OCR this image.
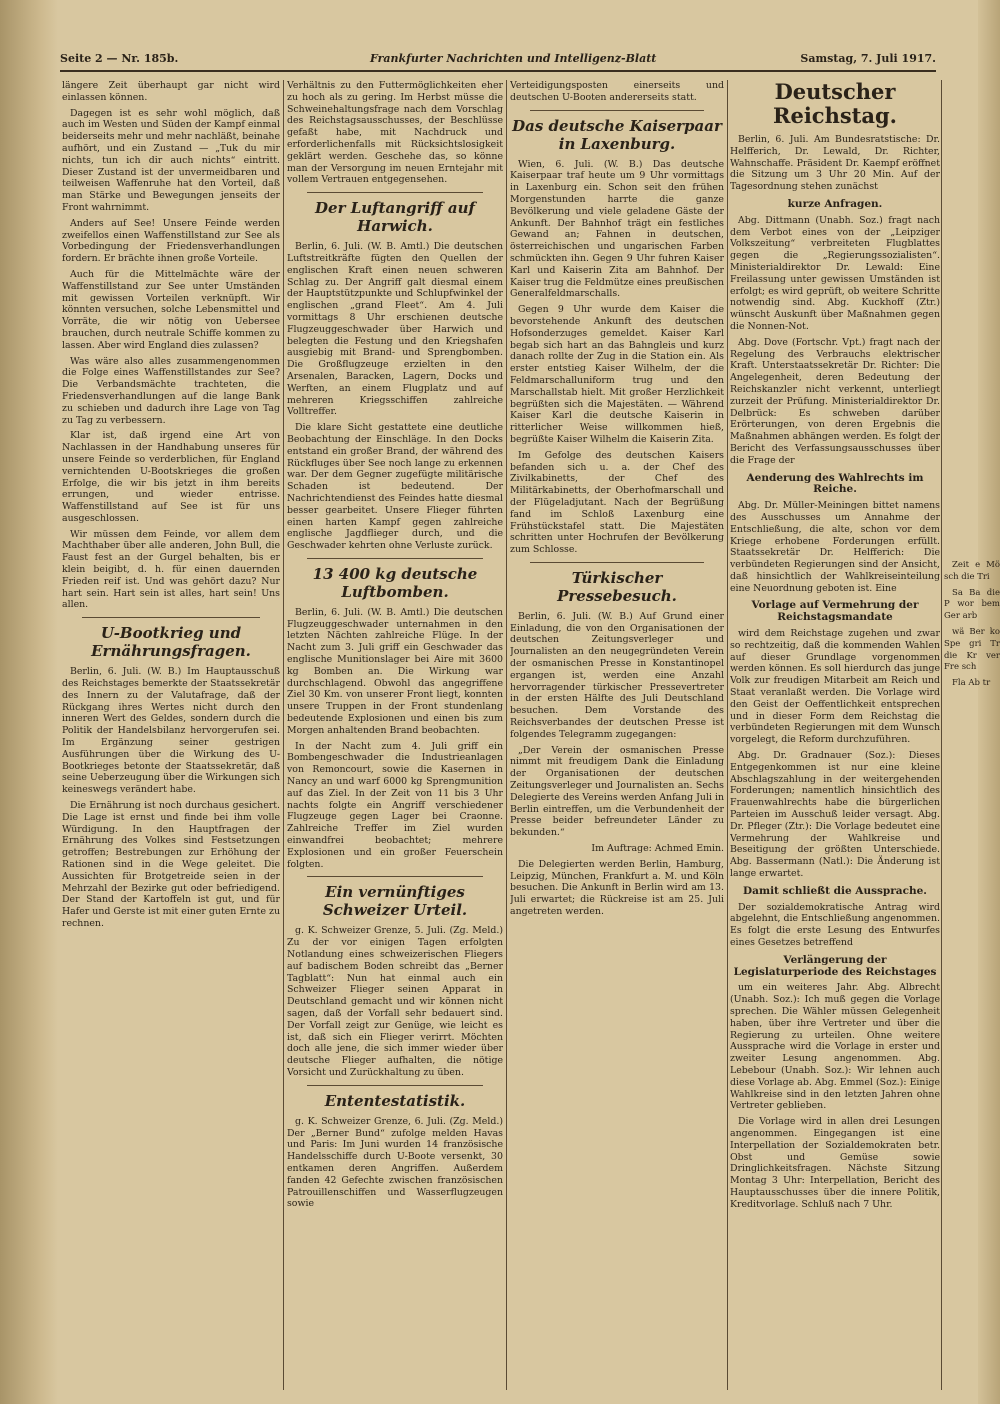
Seite 2 — Nr. 185b.	Frankfurter Nachrichten und Intelligenz-Blatt	Samstag, 7. Juli 1917.

längere Zeit überhaupt gar nicht wird einlassen können.

Dagegen ist es sehr wohl möglich, daß auch im Westen und Süden der Kampf einmal beiderseits mehr und mehr nachläßt, beinahe aufhört, und ein Zustand — „Tuk du mir nichts, tun ich dir auch nichts“ eintritt. Dieser Zustand ist der unvermeidbaren und teilweisen Waffenruhe hat den Vorteil, daß man Stärke und Bewegungen jenseits der Front wahrnimmt.

Anders auf See! Unsere Feinde werden zweifellos einen Waffenstillstand zur See als Vorbedingung der Friedensverhandlungen fordern. Er brächte ihnen große Vorteile.

Auch für die Mittelmächte wäre der Waffenstillstand zur See unter Umständen mit gewissen Vorteilen verknüpft. Wir könnten versuchen, solche Lebensmittel und Vorräte, die wir nötig von Uebersee brauchen, durch neutrale Schiffe kommen zu lassen. Aber wird England dies zulassen?

Was wäre also alles zusammengenommen die Folge eines Waffenstillstandes zur See? Die Verbandsmächte trachteten, die Friedensverhandlungen auf die lange Bank zu schieben und dadurch ihre Lage von Tag zu Tag zu verbessern.

Klar ist, daß irgend eine Art von Nachlassen in der Handhabung unseres für unsere Feinde so verderblichen, für England vernichtenden U-Bootskrieges die großen Erfolge, die wir bis jetzt in ihm bereits errungen, und wieder entrisse. Waffenstillstand auf See ist für uns ausgeschlossen.

Wir müssen dem Feinde, vor allem dem Machthaber über alle anderen, John Bull, die Faust fest an der Gurgel behalten, bis er klein beigibt, d. h. für einen dauernden Frieden reif ist. Und was gehört dazu? Nur hart sein. Hart sein ist alles, hart sein! Uns allen.

U-Bootkrieg und Ernährungsfragen.

Berlin, 6. Juli. (W. B.) Im Hauptausschuß des Reichstages bemerkte der Staatssekretär des Innern zu der Valutafrage, daß der Rückgang ihres Wertes nicht durch den inneren Wert des Geldes, sondern durch die Politik der Handelsbilanz hervorgerufen sei. Im Ergänzung seiner gestrigen Ausführungen über die Wirkung des U-Bootkrieges betonte der Staatssekretär, daß seine Ueberzeugung über die Wirkungen sich keineswegs verändert habe.

Die Ernährung ist noch durchaus gesichert. Die Lage ist ernst und finde bei ihm volle Würdigung. In den Hauptfragen der Ernährung des Volkes sind Festsetzungen getroffen; Bestrebungen zur Erhöhung der Rationen sind in die Wege geleitet. Die Aussichten für Brotgetreide seien in der Mehrzahl der Bezirke gut oder befriedigend. Der Stand der Kartoffeln ist gut, und für Hafer und Gerste ist mit einer guten Ernte zu rechnen.

Verhältnis zu den Futtermöglichkeiten eher zu hoch als zu gering. Im Herbst müsse die Schweinehaltungsfrage nach dem Vorschlag des Reichstagsausschusses, der Beschlüsse gefaßt habe, mit Nachdruck und erforderlichenfalls mit Rücksichtslosigkeit geklärt werden. Geschehe das, so könne man der Versorgung im neuen Erntejahr mit vollem Vertrauen entgegensehen.

Der Luftangriff auf Harwich.

Berlin, 6. Juli. (W. B. Amtl.) Die deutschen Luftstreitkräfte fügten den Quellen der englischen Kraft einen neuen schweren Schlag zu. Der Angriff galt diesmal einem der Hauptstützpunkte und Schlupfwinkel der englischen „grand Fleet“. Am 4. Juli vormittags 8 Uhr erschienen deutsche Flugzeuggeschwader über Harwich und belegten die Festung und den Kriegshafen ausgiebig mit Brand- und Sprengbomben. Die Großflugzeuge erzielten in den Arsenalen, Baracken, Lagern, Docks und Werften, an einem Flugplatz und auf mehreren Kriegsschiffen zahlreiche Volltreffer.

Die klare Sicht gestattete eine deutliche Beobachtung der Einschläge. In den Docks entstand ein großer Brand, der während des Rückfluges über See noch lange zu erkennen war. Der dem Gegner zugefügte militärische Schaden ist bedeutend. Der Nachrichtendienst des Feindes hatte diesmal besser gearbeitet. Unsere Flieger führten einen harten Kampf gegen zahlreiche englische Jagdflieger durch, und die Geschwader kehrten ohne Verluste zurück.

13 400 kg deutsche Luftbomben.

Berlin, 6. Juli. (W. B. Amtl.) Die deutschen Flugzeuggeschwader unternahmen in den letzten Nächten zahlreiche Flüge. In der Nacht zum 3. Juli griff ein Geschwader das englische Munitionslager bei Aire mit 3600 kg Bomben an. Die Wirkung war durchschlagend. Obwohl das angegriffene Ziel 30 Km. von unserer Front liegt, konnten unsere Truppen in der Front stundenlang bedeutende Explosionen und einen bis zum Morgen anhaltenden Brand beobachten.

In der Nacht zum 4. Juli griff ein Bombengeschwader die Industrieanlagen von Remoncourt, sowie die Kasernen in Nancy an und warf 6000 kg Sprengmunition auf das Ziel. In der Zeit von 11 bis 3 Uhr nachts folgte ein Angriff verschiedener Flugzeuge gegen Lager bei Craonne. Zahlreiche Treffer im Ziel wurden einwandfrei beobachtet; mehrere Explosionen und ein großer Feuerschein folgten.

Ein vernünftiges Schweizer Urteil.

g. K. Schweizer Grenze, 5. Juli. (Zg. Meld.) Zu der vor einigen Tagen erfolgten Notlandung eines schweizerischen Fliegers auf badischem Boden schreibt das „Berner Tagblatt“: Nun hat einmal auch ein Schweizer Flieger seinen Apparat in Deutschland gemacht und wir können nicht sagen, daß der Vorfall sehr bedauert sind. Der Vorfall zeigt zur Genüge, wie leicht es ist, daß sich ein Flieger verirrt. Möchten doch alle jene, die sich immer wieder über deutsche Flieger aufhalten, die nötige Vorsicht und Zurückhaltung zu üben.

Ententestatistik.

g. K. Schweizer Grenze, 6. Juli. (Zg. Meld.) Der „Berner Bund“ zufolge melden Havas und Paris: Im Juni wurden 14 französische Handelsschiffe durch U-Boote versenkt, 30 entkamen deren Angriffen. Außerdem fanden 42 Gefechte zwischen französischen Patrouillenschiffen und Wasserflugzeugen sowie

Verteidigungsposten einerseits und deutschen U-Booten andererseits statt.

Das deutsche Kaiserpaar in Laxenburg.

Wien, 6. Juli. (W. B.) Das deutsche Kaiserpaar traf heute um 9 Uhr vormittags in Laxenburg ein. Schon seit den frühen Morgenstunden harrte die ganze Bevölkerung und viele geladene Gäste der Ankunft. Der Bahnhof trägt ein festliches Gewand an; Fahnen in deutschen, österreichischen und ungarischen Farben schmückten ihn. Gegen 9 Uhr fuhren Kaiser Karl und Kaiserin Zita am Bahnhof. Der Kaiser trug die Feldmütze eines preußischen Generalfeldmarschalls.

Gegen 9 Uhr wurde dem Kaiser die bevorstehende Ankunft des deutschen Hofsonderzuges gemeldet. Kaiser Karl begab sich hart an das Bahngleis und kurz danach rollte der Zug in die Station ein. Als erster entstieg Kaiser Wilhelm, der die Feldmarschalluniform trug und den Marschallstab hielt. Mit großer Herzlichkeit begrüßten sich die Majestäten. — Während Kaiser Karl die deutsche Kaiserin in ritterlicher Weise willkommen hieß, begrüßte Kaiser Wilhelm die Kaiserin Zita.

Im Gefolge des deutschen Kaisers befanden sich u. a. der Chef des Zivilkabinetts, der Chef des Militärkabinetts, der Oberhofmarschall und der Flügeladjutant. Nach der Begrüßung fand im Schloß Laxenburg eine Frühstückstafel statt. Die Majestäten schritten unter Hochrufen der Bevölkerung zum Schlosse.

Türkischer Pressebesuch.

Berlin, 6. Juli. (W. B.) Auf Grund einer Einladung, die von den Organisationen der deutschen Zeitungsverleger und Journalisten an den neugegründeten Verein der osmanischen Presse in Konstantinopel ergangen ist, werden eine Anzahl hervorragender türkischer Pressevertreter in der ersten Hälfte des Juli Deutschland besuchen. Dem Vorstande des Reichsverbandes der deutschen Presse ist folgendes Telegramm zugegangen:

„Der Verein der osmanischen Presse nimmt mit freudigem Dank die Einladung der Organisationen der deutschen Zeitungsverleger und Journalisten an. Sechs Delegierte des Vereins werden Anfang Juli in Berlin eintreffen, um die Verbundenheit der Presse beider befreundeter Länder zu bekunden.“

Im Auftrage: Achmed Emin.

Die Delegierten werden Berlin, Hamburg, Leipzig, München, Frankfurt a. M. und Köln besuchen. Die Ankunft in Berlin wird am 13. Juli erwartet; die Rückreise ist am 25. Juli angetreten werden.

Deutscher Reichstag.

Berlin, 6. Juli. Am Bundesratstische: Dr. Helfferich, Dr. Lewald, Dr. Richter, Wahnschaffe. Präsident Dr. Kaempf eröffnet die Sitzung um 3 Uhr 20 Min. Auf der Tagesordnung stehen zunächst

kurze Anfragen.

Abg. Dittmann (Unabh. Soz.) fragt nach dem Verbot eines von der „Leipziger Volkszeitung“ verbreiteten Flugblattes gegen die „Regierungssozialisten“. Ministerialdirektor Dr. Lewald: Eine Freilassung unter gewissen Umständen ist erfolgt; es wird geprüft, ob weitere Schritte notwendig sind. Abg. Kuckhoff (Ztr.) wünscht Auskunft über Maßnahmen gegen die Nonnen-Not.

Abg. Dove (Fortschr. Vpt.) fragt nach der Regelung des Verbrauchs elektrischer Kraft. Unterstaatssekretär Dr. Richter: Die Angelegenheit, deren Bedeutung der Reichskanzler nicht verkennt, unterliegt zurzeit der Prüfung. Ministerialdirektor Dr. Delbrück: Es schweben darüber Erörterungen, von deren Ergebnis die Maßnahmen abhängen werden. Es folgt der Bericht des Verfassungsausschusses über die Frage der

Aenderung des Wahlrechts im Reiche.

Abg. Dr. Müller-Meiningen bittet namens des Ausschusses um Annahme der Entschließung, die alte, schon vor dem Kriege erhobene Forderungen erfüllt. Staatssekretär Dr. Helfferich: Die verbündeten Regierungen sind der Ansicht, daß hinsichtlich der Wahlkreiseinteilung eine Neuordnung geboten ist. Eine

Vorlage auf Vermehrung der Reichstagsmandate

wird dem Reichstage zugehen und zwar so rechtzeitig, daß die kommenden Wahlen auf dieser Grundlage vorgenommen werden können. Es soll hierdurch das junge Volk zur freudigen Mitarbeit am Reich und Staat veranlaßt werden. Die Vorlage wird den Geist der Oeffentlichkeit entsprechen und in dieser Form dem Reichstag die verbündeten Regierungen mit dem Wunsch vorgelegt, die Reform durchzuführen.

Abg. Dr. Gradnauer (Soz.): Dieses Entgegenkommen ist nur eine kleine Abschlagszahlung in der weitergehenden Forderungen; namentlich hinsichtlich des Frauenwahlrechts habe die bürgerlichen Parteien im Ausschuß leider versagt. Abg. Dr. Pfleger (Ztr.): Die Vorlage bedeutet eine Vermehrung der Wahlkreise und Beseitigung der größten Unterschiede. Abg. Bassermann (Natl.): Die Änderung ist lange erwartet.

Damit schließt die Aussprache.

Der sozialdemokratische Antrag wird abgelehnt, die Entschließung angenommen. Es folgt die erste Lesung des Entwurfes eines Gesetzes betreffend

Verlängerung der Legislaturperiode des Reichstages

um ein weiteres Jahr. Abg. Albrecht (Unabh. Soz.): Ich muß gegen die Vorlage sprechen. Die Wähler müssen Gelegenheit haben, über ihre Vertreter und über die Regierung zu urteilen. Ohne weitere Aussprache wird die Vorlage in erster und zweiter Lesung angenommen. Abg. Lebebour (Unabh. Soz.): Wir lehnen auch diese Vorlage ab. Abg. Emmel (Soz.): Einige Wahlkreise sind in den letzten Jahren ohne Vertreter geblieben.

Die Vorlage wird in allen drei Lesungen angenommen. Eingegangen ist eine Interpellation der Sozialdemokraten betr. Obst und Gemüse sowie Dringlichkeitsfragen. Nächste Sitzung Montag 3 Uhr: Interpellation, Bericht des Hauptausschusses über die innere Politik, Kreditvorlage. Schluß nach 7 Uhr.

Zeit e Mö sch die Tri

Sa Ba die P wor bem Ger arb

wä Ber ko Spe gri Tr die Kr ver Fre sch

Fla Ab tr
